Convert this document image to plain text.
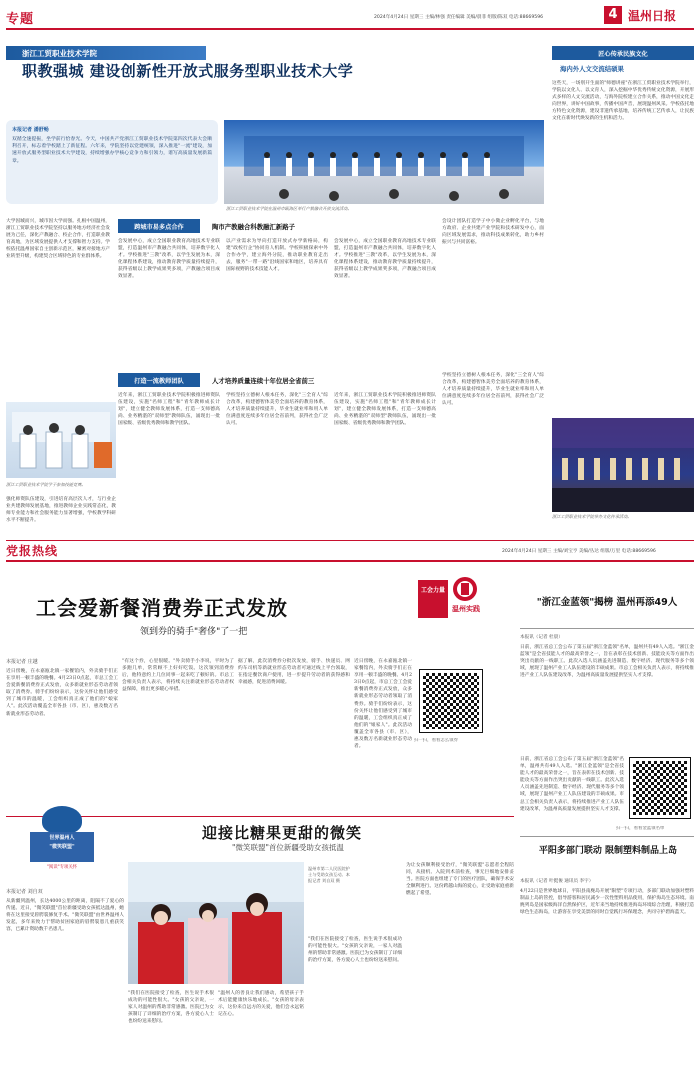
专题	2024年4月24日 星期三 主编/林强 责任编辑 美编/晨菲 组版/陈双 电话:88669596	4 温州日报
浙江工贸职业技术学院
职教强城 建设创新性开放式服务型职业技术大学
本报记者 潘舒畅
双循全速提振，坐学前行恰春光。今天，中国共产党浙江工贸职业技术学院第四次代表大会顺利召开，标志着学校踏上了新征程。六年来，学院坚持以党建统领，深入推进"一流"建设，加速开放式服务型职业技术大学建设，持续增强办学核心竞争力和引领力，谱写高质量发展新篇章。
浙江工贸职业技术学院在温州市瓯海区举行产教融合开放交流活动。
匠心传承民族文化
海内外人文交流结硕果
这些天，一场别开生面的"师德讲座"在浙江工贸职业技术学院举行，学院以文化人、以文育人，深入挖掘中华优秀传统文化资源，开展形式多样的人文交流活动，与海外院校建立合作关系，推动中国文化走向世界，讲好中国故事，传播中国声音，展现温州风采。学校依托地方特色文化资源，建设非遗传承基地，培养传统工艺传承人，让民族文化在新时代焕发新的生机和活力。
浙江工贸职业技术学院举办文化传承活动。
大学因城而兴，城市因大学而强。扎根中国温州，浙江工贸职业技术学院坚持以服务地方经济社会发展为己任，深化产教融合、校企合作，打造职业教育高地，为区域发展提供人才支撑和智力支持。学校依托温州国家自主创新示范区，紧密对接地方产业转型升级，构建契合区域特色的专业群体系。
浙江工贸职业技术学院学子参加技能竞赛。
强化师资队伍建设，引进培育高层次人才，与行业企业共建教师发展基地，推进教师企业实践常态化，教师专业能力和社会服务能力显著增强，学校教学科研水平不断提升。
跨城市易多点合作	陶市产教融合科教融汇新路子
会发展中心，成立全国职业教育高地技术专业联盟，打造温州市产教融合共同体，培养数字化人才。学校推进"三教"改革，以学生发展为本，深化课程体系建设，推动教育教学质量持续提升，获得省级以上教学成果奖多项，产教融合项目成效显著。
以产业需求为导向打造开放式办学新格局，构建"政校行企"协同育人机制。学校积极探索中外合作办学，建立海外分院，推动职业教育走出去，服务"一带一路"沿线国家和地区，培养具有国际视野的技术技能人才。
会发展中心，成立全国职业教育高地技术专业联盟，打造温州市产教融合共同体，培养数字化人才。学校推进"三教"改革，以学生发展为本，深化课程体系建设，推动教育教学质量持续提升，获得省级以上教学成果奖多项，产教融合项目成效显著。
会设计团队打造学子中小微企业孵化平台，与地方政府、企业共建产业学院和技术研发中心，面向区域发展需求，推动科技成果转化，助力乡村振兴与共同富裕。
打造一流教师团队	人才培养质量连续十年位居全省前三
近年来，浙江工贸职业技术学院积极推进师资队伍建设，实施"名师工程"和"青年教师成长计划"，建立健全教师发展体系，打造一支师德高尚、业务精湛的"双师型"教师队伍，涌现出一批国家级、省级优秀教师和教学团队。
学校坚持立德树人根本任务，深化"三全育人"综合改革，构建德智体美劳全面培养的教育体系，人才培养质量持续提升，毕业生就业率和用人单位满意度连续多年位居全省前列，获得社会广泛认可。
近年来，浙江工贸职业技术学院积极推进师资队伍建设，实施"名师工程"和"青年教师成长计划"，建立健全教师发展体系，打造一支师德高尚、业务精湛的"双师型"教师队伍，涌现出一批国家级、省级优秀教师和教学团队。
学校坚持立德树人根本任务，深化"三全育人"综合改革，构建德智体美劳全面培养的教育体系，人才培养质量持续提升，毕业生就业率和用人单位满意度连续多年位居全省前列，获得社会广泛认可。
党报热线	2024年4月24日 星期三 主编/刘宝亨 美编/丛达 组版/万里 电话:88669596
工会爱新餐消费券正式发放
领到券的骑手"奢侈"了一把
工会力量
温州实践
本报记者 庄越
近日傍晚，在永嘉瓯北镇一家餐馆内，外卖骑手们正在享用一顿丰盛的晚餐。4月23日0点起，市总工会工会爱新餐消费券正式发放，众多新就业形态劳动者领取了消费券。骑手们纷纷表示，这份关怀让他们感受到了城市的温暖，工会组织真正成了他们的"娘家人"。此次活动覆盖全市各县（市、区），惠及数万名新就业形态劳动者。
"有这个券，心里很暖。"外卖骑手小李说，平时为了多跑几单，常常顾不上好好吃饭。这次领到消费券后，他特意约上几位同事一起来吃了顿好的。市总工会相关负责人表示，将持续关注新就业形态劳动者权益保障，推出更多暖心举措。
据了解，此次消费券分批次发放，骑手、快递员、网约车司机等新就业形态劳动者可通过线上平台领取，在指定餐饮商户使用，进一步提升劳动者的获得感和幸福感，促进消费回暖。
近日傍晚，在永嘉瓯北镇一家餐馆内，外卖骑手们正在享用一顿丰盛的晚餐。4月23日0点起，市总工会工会爱新餐消费券正式发放，众多新就业形态劳动者领取了消费券。骑手们纷纷表示，这份关怀让他们感受到了城市的温暖，工会组织真正成了他们的"娘家人"。此次活动覆盖全市各县（市、区），惠及数万名新就业形态劳动者。
扫一扫，看看怎么领券
"浙江金蓝领"揭榜 温州再添49人
本报讯（记者 杜晨）
日前，浙江省总工会公布了第五届"浙江金蓝领"名单，温州共有49人入选。"浙江金蓝领"是全省技能人才的最高荣誉之一，旨在表彰在技术创新、技能攻关等方面作出突出贡献的一线职工。此次入选人员涵盖先进制造、数字经济、现代服务等多个领域，展现了温州产业工人队伍建设的丰硕成果。市总工会相关负责人表示，将持续推进产业工人队伍建设改革，为温州高质量发展提供坚实人才支撑。
日前，浙江省总工会公布了第五届"浙江金蓝领"名单，温州共有49人入选。"浙江金蓝领"是全省技能人才的最高荣誉之一，旨在表彰在技术创新、技能攻关等方面作出突出贡献的一线职工。此次入选人员涵盖先进制造、数字经济、现代服务等多个领域，展现了温州产业工人队伍建设的丰硕成果。市总工会相关负责人表示，将持续推进产业工人队伍建设改革，为温州高质量发展提供坚实人才支撑。
扫一扫，看看金蓝领名单
世界温州人
"微笑联盟"
"阅读"专项关怀
迎接比糖果更甜的微笑
"微笑联盟"首位新疆受助女孩抵温
本报记者 刘自双
从新疆到温州，长达4000公里的距离，阻隔不了爱心的传递。近日，"微笑联盟"首位新疆受助女孩抵达温州，她将在这里接受唇腭裂修复手术。"微笑联盟"由世界温州人发起，多年来致力于帮助贫困家庭的唇腭裂患儿重获笑容，已累计资助数千名患儿。
温州市第二人民医院护士与受助女孩互动。本报记者 刘自双 摄
"我们在医院接受了检查，医生说手术很成功的可能性很大。"女孩的父亲说，一家人对温州的帮助非常感激。医院已为女孩制订了详细的治疗方案，各方爱心人士也纷纷送来慰问。
"温州人的善良让我们感动，希望孩子手术后能健康快乐地成长。"女孩的母亲表示，这份来自远方的关爱，他们会永远铭记在心。
"我们在医院接受了检查，医生说手术很成功的可能性很大。"女孩的父亲说，一家人对温州的帮助非常感激。医院已为女孩制订了详细的治疗方案，各方爱心人士也纷纷送来慰问。
为让女孩顺利接受治疗，"微笑联盟"志愿者全程陪同，从接机、入院到术前检查，事无巨细地安排妥当。医院方面也组建了专门的医疗团队，确保手术安全顺利进行。这份跨越山海的爱心，让受助家庭重新燃起了希望。
平阳多部门联动 限制塑料制品上岛
本报讯（记者 叶挺俊 通讯员 李宇）
4月22日是世界地球日，平阳县南麂岛开展"限塑"专项行动，多部门联动加强对塑料制品上岛的管控，倡导游客和居民减少一次性塑料用品使用，保护海岛生态环境。南麂列岛是国家级海洋自然保护区，近年来当地持续推进海岛环境综合治理，积极打造绿色生态海岛，让游客在享受美景的同时自觉践行环保理念，共同守护碧海蓝天。
